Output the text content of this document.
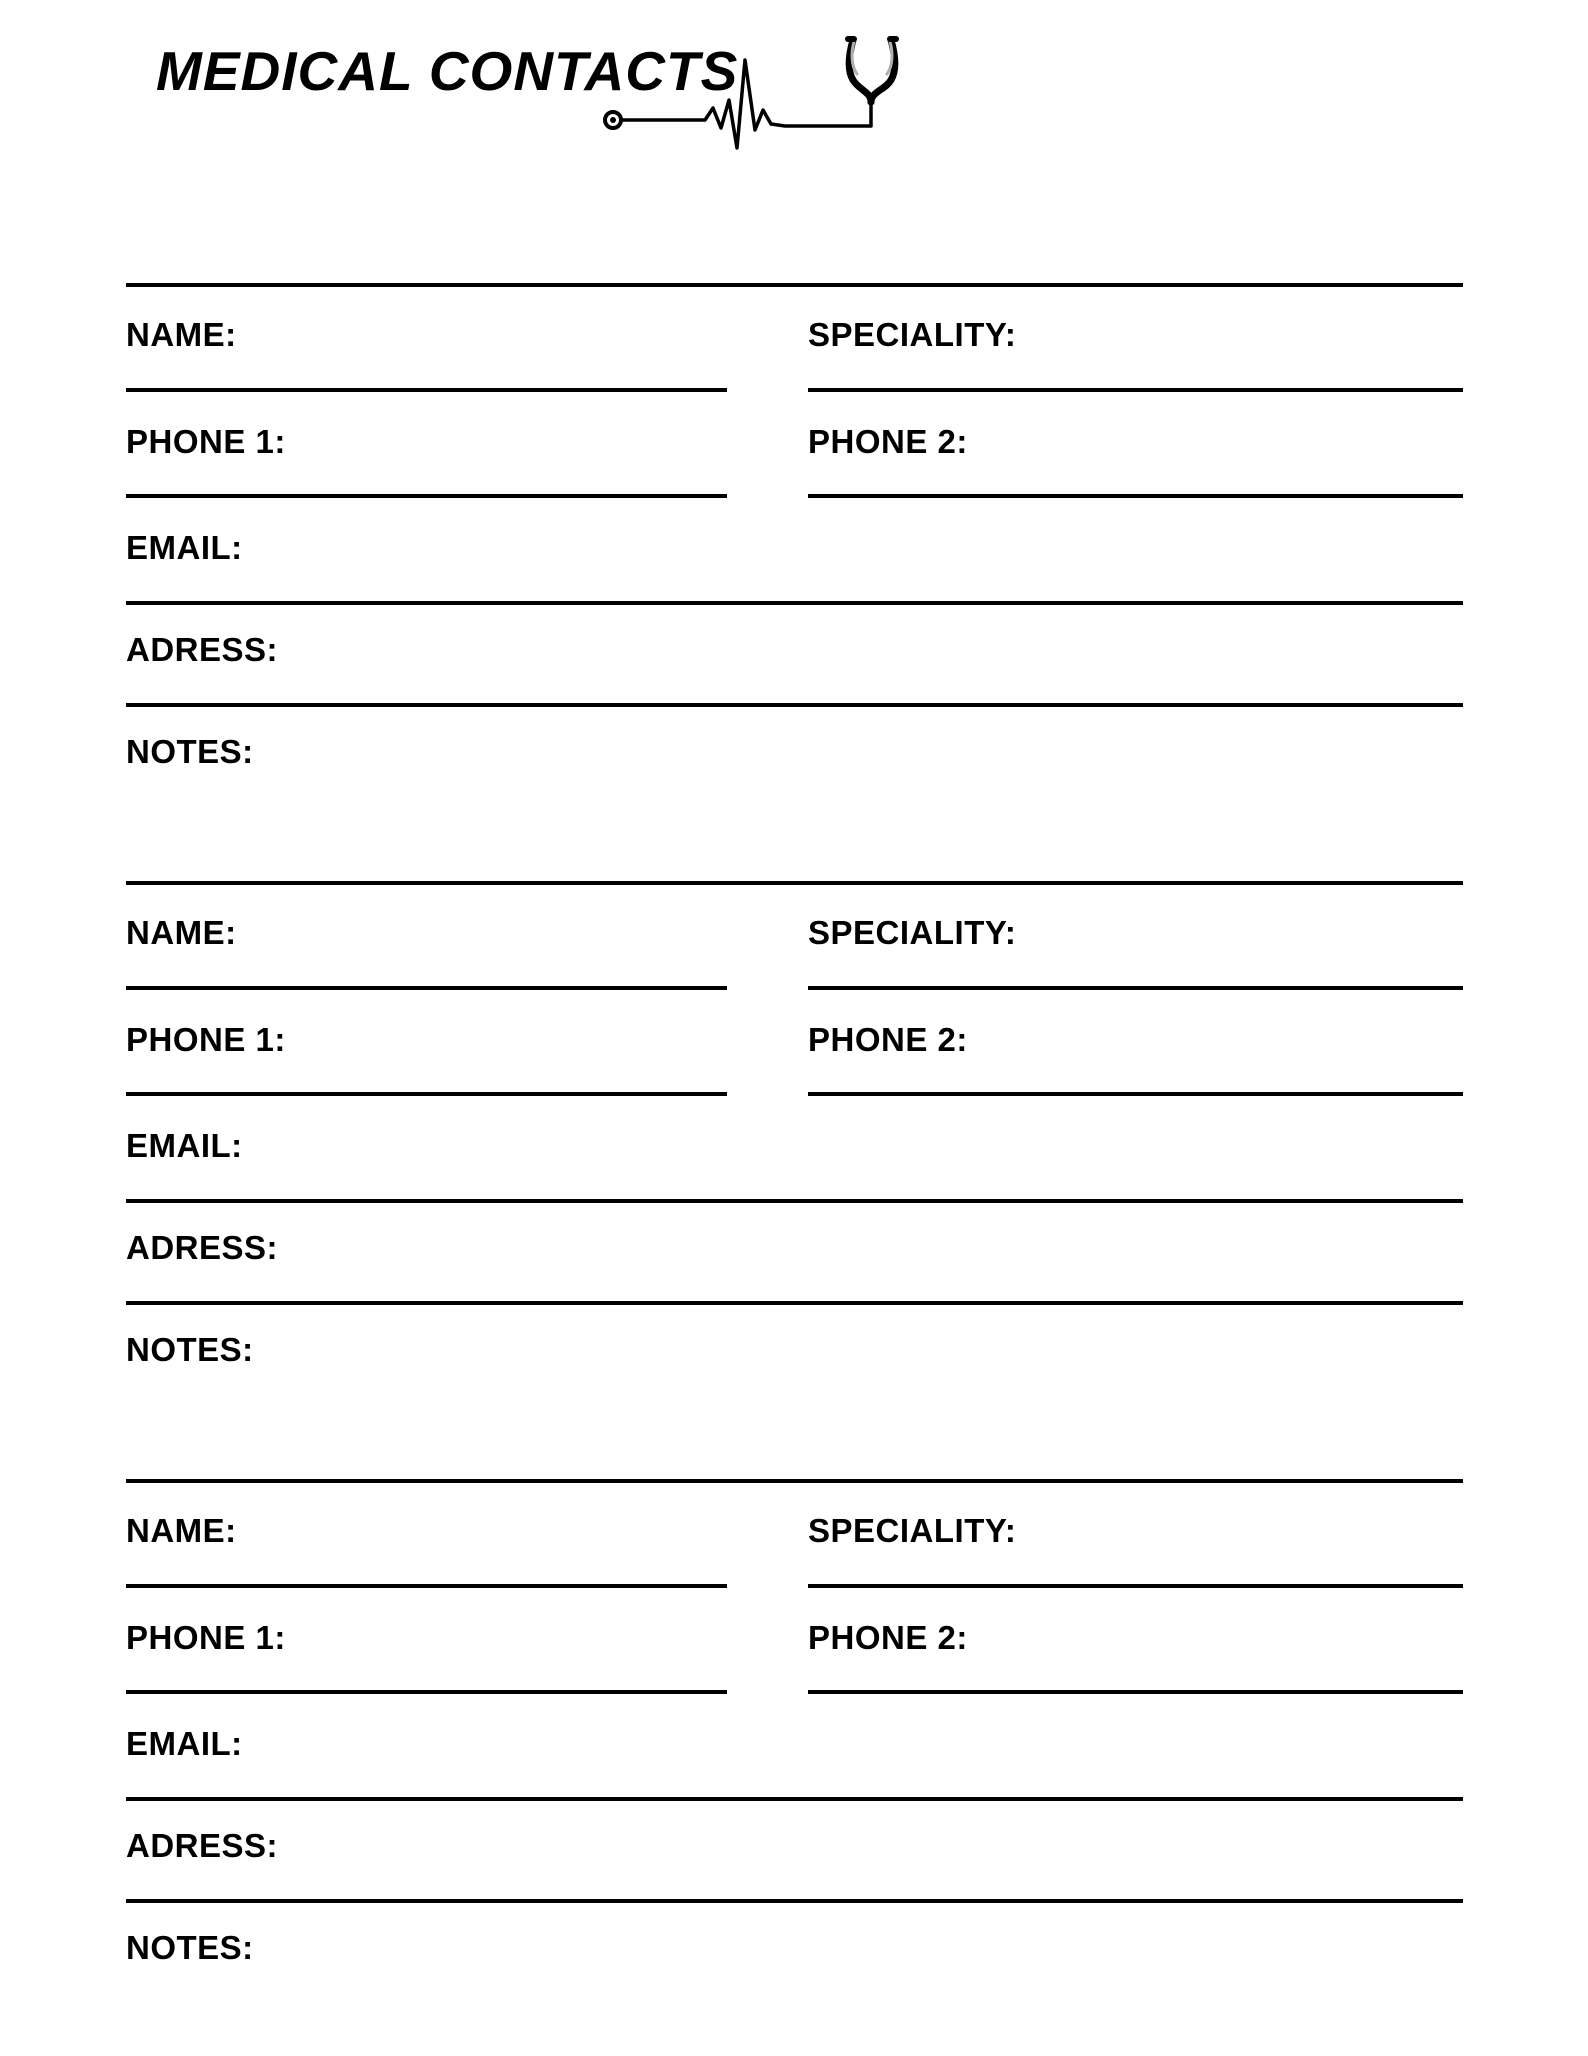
MEDICAL CONTACTS
NAME:	SPECIALITY:
PHONE 1:	PHONE 2:
EMAIL:
ADRESS:
NOTES:
NAME:	SPECIALITY:
PHONE 1:	PHONE 2:
EMAIL:
ADRESS:
NOTES:
NAME:	SPECIALITY:
PHONE 1:	PHONE 2:
EMAIL:
ADRESS:
NOTES:
